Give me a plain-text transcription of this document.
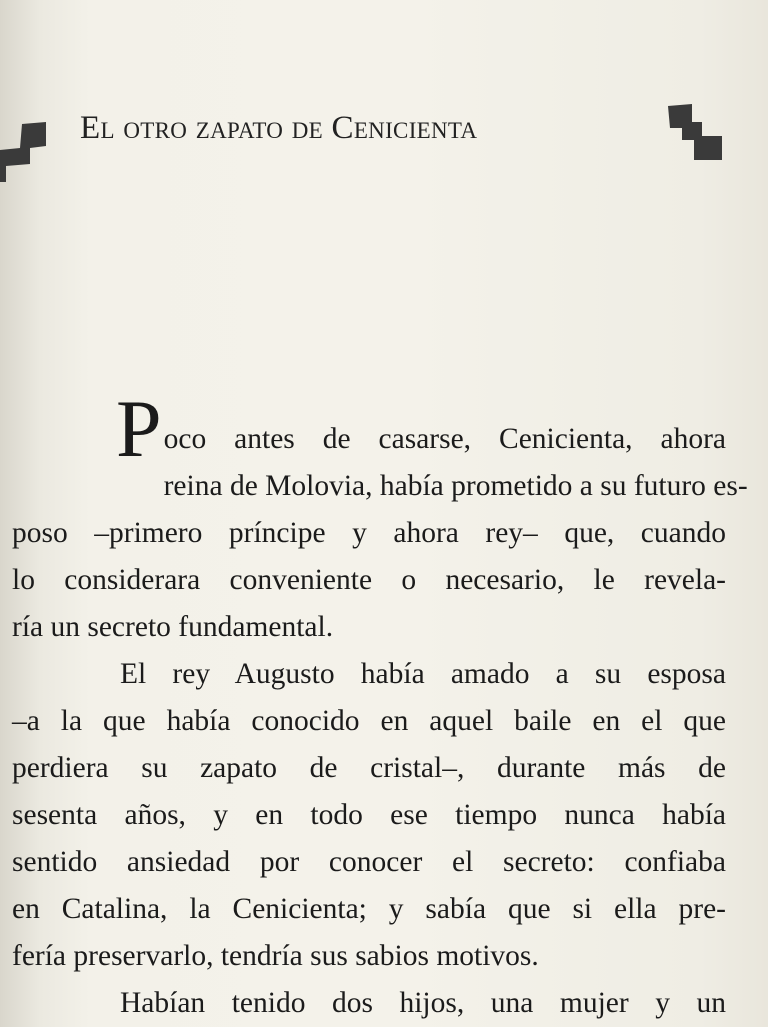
El otro zapato de Cenicienta

P oco antes de casarse, Cenicienta, ahora
reina de Molovia, había prometido a su futuro es-
poso –primero príncipe y ahora rey– que, cuando
lo considerara conveniente o necesario, le revela-
ría un secreto fundamental.

El rey Augusto había amado a su esposa
–a la que había conocido en aquel baile en el que
perdiera su zapato de cristal–, durante más de
sesenta años, y en todo ese tiempo nunca había
sentido ansiedad por conocer el secreto: confiaba
en Catalina, la Cenicienta; y sabía que si ella pre-
fería preservarlo, tendría sus sabios motivos.

Habían tenido dos hijos, una mujer y un
